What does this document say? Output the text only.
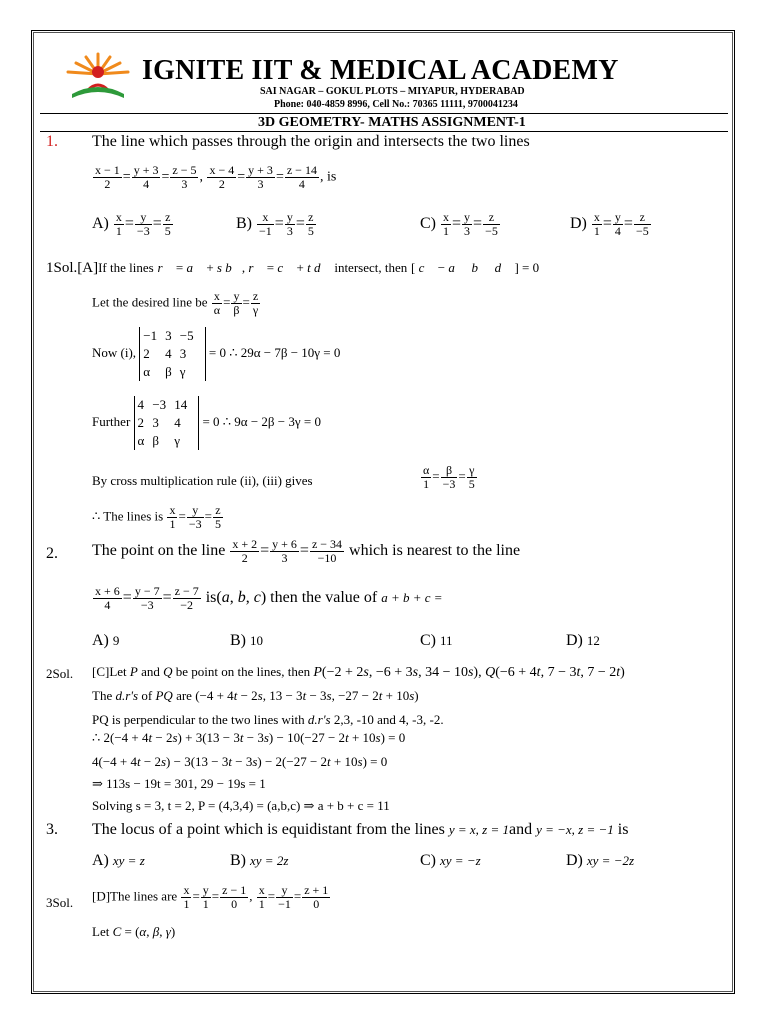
IGNITE IIT & MEDICAL ACADEMY
SAI NAGAR – GOKUL PLOTS – MIYAPUR, HYDERABAD
Phone: 040-4859 8996, Cell No.: 70365 11111, 9700041234
3D GEOMETRY- MATHS ASSIGNMENT-1
1. The line which passes through the origin and intersects the two lines
$\frac{x - 1}{2} = \frac{y + 3}{4} = \frac{z - 5}{3}$ , $\frac{x - 4}{2} = \frac{y + 3}{3} = \frac{z - 14}{4}$ , is
$A) \frac{x}{1} = \frac{y}{-3} = \frac{z}{5}$	$B) \frac{x}{-1} = \frac{y}{3} = \frac{z}{5}$	$C) \frac{x}{1} = \frac{y}{3} = \frac{z}{-5}$	$D) \frac{x}{1} = \frac{y}{4} = \frac{z}{-5}$
1Sol.[A]If the lines r⃗ = a⃗ + s b⃗, r⃗ = c⃗ + t d⃗ intersect, then [ c⃗ − a⃗ b⃗ d⃗ ] = 0
Let the desired line be $\frac{x}{\alpha} = \frac{y}{\beta} = \frac{z}{\gamma}$
Now (i),
−1	3	−5
2	4	3
α	β	γ
= 0 ∴ 29α − 7β − 10γ = 0
Further
4	−3	14
2	3	4
α	β	γ
= 0 ∴ 9α − 2β − 3γ = 0
By cross multiplication rule (ii), (iii) gives	$\frac{\alpha}{1} = \frac{\beta}{-3} = \frac{\gamma}{5}$
∴ The lines is $\frac{x}{1} = \frac{y}{-3} = \frac{z}{5}$
2. The point on the line $\frac{x + 2}{2} = \frac{y + 6}{3} = \frac{z - 34}{-10}$ which is nearest to the line
$\frac{x + 6}{4} = \frac{y - 7}{-3} = \frac{z - 7}{-2} is(a$, b, c) then the value of a + b + c =
A) 9	B) 10	C) 11	D) 12
2Sol. [C]Let P and Q be point on the lines, then P(−2 + 2s, −6 + 3s, 34 − 10s), Q(−6 + 4t, 7 − 3t, 7 − 2t)
The d.r's of PQ are (−4 + 4t − 2s, 13 − 3t − 3s, −27 − 2t + 10s)
PQ is perpendicular to the two lines with d.r's 2,3, -10 and 4, -3, -2.
∴ 2(−4 + 4t − 2s) + 3(13 − 3t − 3s) − 10(−27 − 2t + 10s) = 0
4(−4 + 4t − 2s) − 3(13 − 3t − 3s) − 2(−27 − 2t + 10s) = 0
⇒ 113s − 19t = 301, 29 − 19s = 1
Solving s = 3, t = 2, P = (4,3,4) = (a,b,c) ⇒ a + b + c = 11
3. The locus of a point which is equidistant from the lines y = x, z = 1and y = −x, z = −1 is
A) xy = z	B) xy = 2z	C) xy = −z	D) xy = −2z
3Sol. [D]The lines are $\frac{x}{1} = \frac{y}{1} = \frac{z - 1}{0}$ , $\frac{x}{1} = \frac{y}{-1} = \frac{z + 1}{0}$
Let C = (α, β, γ)
